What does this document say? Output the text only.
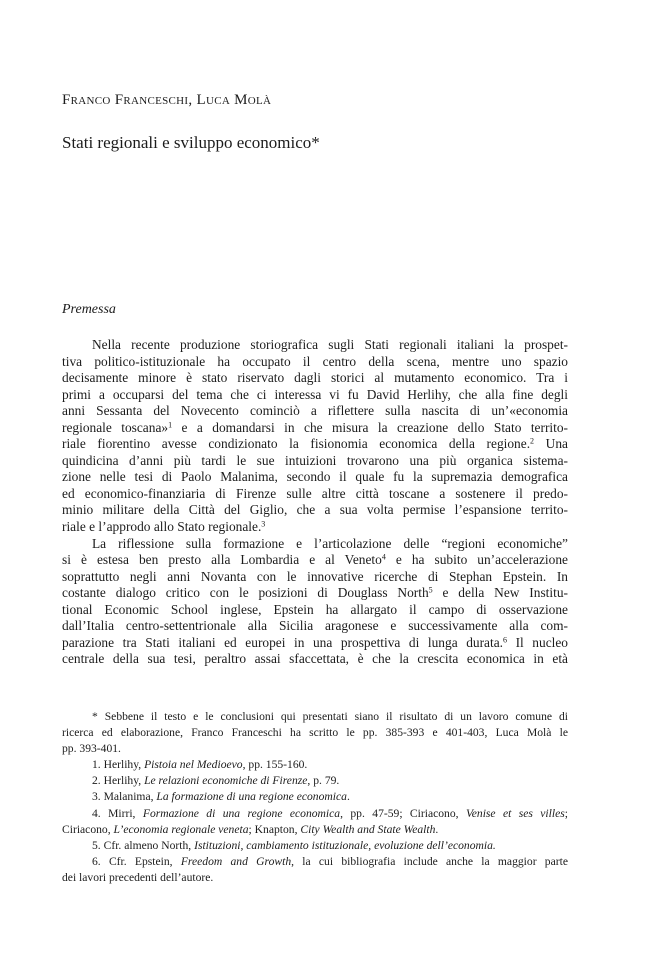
Franco Franceschi, Luca Molà
Stati regionali e sviluppo economico*
Premessa
Nella recente produzione storiografica sugli Stati regionali italiani la prospet-
tiva politico-istituzionale ha occupato il centro della scena, mentre uno spazio
decisamente minore è stato riservato dagli storici al mutamento economico. Tra i
primi a occuparsi del tema che ci interessa vi fu David Herlihy, che alla fine degli
anni Sessanta del Novecento cominciò a riflettere sulla nascita di un’«economia
regionale toscana»$^1$ e a domandarsi in che misura la creazione dello Stato territo-
riale fiorentino avesse condizionato la fisionomia economica della regione.$^2$ Una
quindicina d’anni più tardi le sue intuizioni trovarono una più organica sistema-
zione nelle tesi di Paolo Malanima, secondo il quale fu la supremazia demografica
ed economico-finanziaria di Firenze sulle altre città toscane a sostenere il predo-
minio militare della Città del Giglio, che a sua volta permise l’espansione territo-
riale e l’approdo allo Stato regionale.$^3$
La riflessione sulla formazione e l’articolazione delle “regioni economiche”
si è estesa ben presto alla Lombardia e al Veneto$^4$ e ha subito un’accelerazione
soprattutto negli anni Novanta con le innovative ricerche di Stephan Epstein. In
costante dialogo critico con le posizioni di Douglass North$^5$ e della New Institu-
tional Economic School inglese, Epstein ha allargato il campo di osservazione
dall’Italia centro-settentrionale alla Sicilia aragonese e successivamente alla com-
parazione tra Stati italiani ed europei in una prospettiva di lunga durata.$^6$ Il nucleo
centrale della sua tesi, peraltro assai sfaccettata, è che la crescita economica in età
* Sebbene il testo e le conclusioni qui presentati siano il risultato di un lavoro comune di
ricerca ed elaborazione, Franco Franceschi ha scritto le pp. 385-393 e 401-403, Luca Molà le
pp. 393-401.
1. Herlihy, Pistoia nel Medioevo, pp. 155-160.
2. Herlihy, Le relazioni economiche di Firenze, p. 79.
3. Malanima, La formazione di una regione economica.
4. Mirri, Formazione di una regione economica, pp. 47-59; Ciriacono, Venise et ses villes;
Ciriacono, L’economia regionale veneta; Knapton, City Wealth and State Wealth.
5. Cfr. almeno North, Istituzioni, cambiamento istituzionale, evoluzione dell’economia.
6. Cfr. Epstein, Freedom and Growth, la cui bibliografia include anche la maggior parte
dei lavori precedenti dell’autore.
